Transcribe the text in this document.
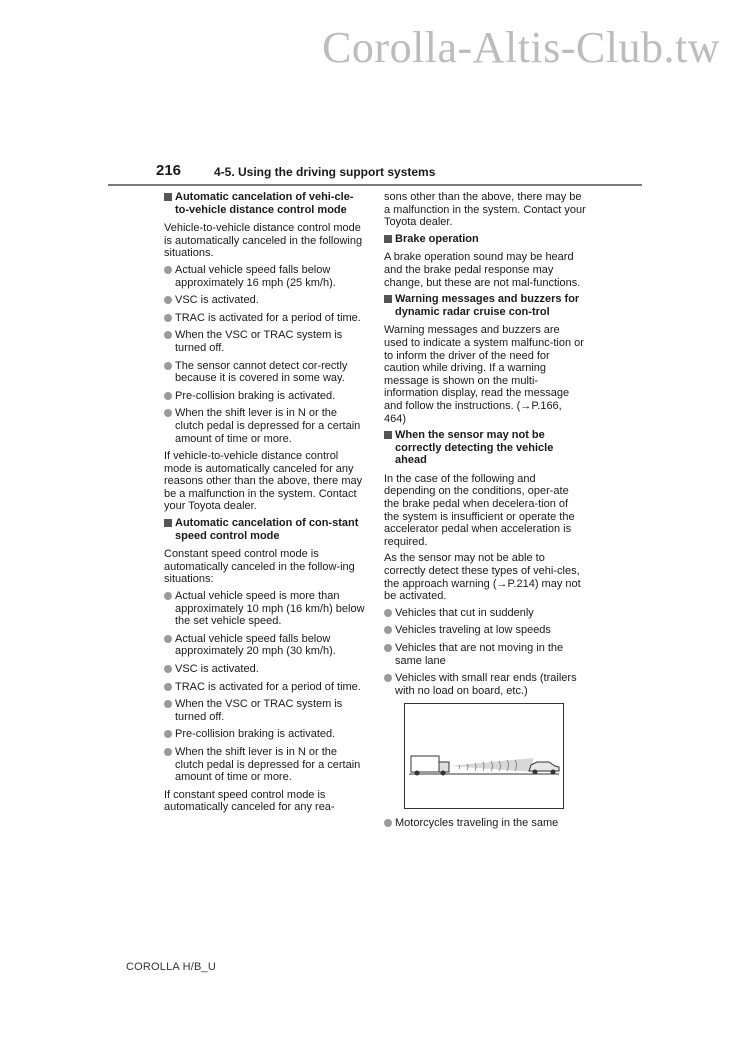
Corolla-Altis-Club.tw
216	4-5. Using the driving support systems
Automatic cancelation of vehi-cle-to-vehicle distance control mode
Vehicle-to-vehicle distance control mode is automatically canceled in the following situations.
Actual vehicle speed falls below approximately 16 mph (25 km/h).
VSC is activated.
TRAC is activated for a period of time.
When the VSC or TRAC system is turned off.
The sensor cannot detect cor-rectly because it is covered in some way.
Pre-collision braking is activated.
When the shift lever is in N or the clutch pedal is depressed for a certain amount of time or more.
If vehicle-to-vehicle distance control mode is automatically canceled for any reasons other than the above, there may be a malfunction in the system. Contact your Toyota dealer.
Automatic cancelation of con-stant speed control mode
Constant speed control mode is automatically canceled in the follow-ing situations:
Actual vehicle speed is more than approximately 10 mph (16 km/h) below the set vehicle speed.
Actual vehicle speed falls below approximately 20 mph (30 km/h).
VSC is activated.
TRAC is activated for a period of time.
When the VSC or TRAC system is turned off.
Pre-collision braking is activated.
When the shift lever is in N or the clutch pedal is depressed for a certain amount of time or more.
If constant speed control mode is automatically canceled for any rea-
sons other than the above, there may be a malfunction in the system. Contact your Toyota dealer.
Brake operation
A brake operation sound may be heard and the brake pedal response may change, but these are not mal-functions.
Warning messages and buzzers for dynamic radar cruise con-trol
Warning messages and buzzers are used to indicate a system malfunc-tion or to inform the driver of the need for caution while driving. If a warning message is shown on the multi-information display, read the message and follow the instructions. (→P.166, 464)
When the sensor may not be correctly detecting the vehicle ahead
In the case of the following and depending on the conditions, oper-ate the brake pedal when decelera-tion of the system is insufficient or operate the accelerator pedal when acceleration is required.
As the sensor may not be able to correctly detect these types of vehi-cles, the approach warning (→P.214) may not be activated.
Vehicles that cut in suddenly
Vehicles traveling at low speeds
Vehicles that are not moving in the same lane
Vehicles with small rear ends (trailers with no load on board, etc.)
Motorcycles traveling in the same
COROLLA H/B_U
